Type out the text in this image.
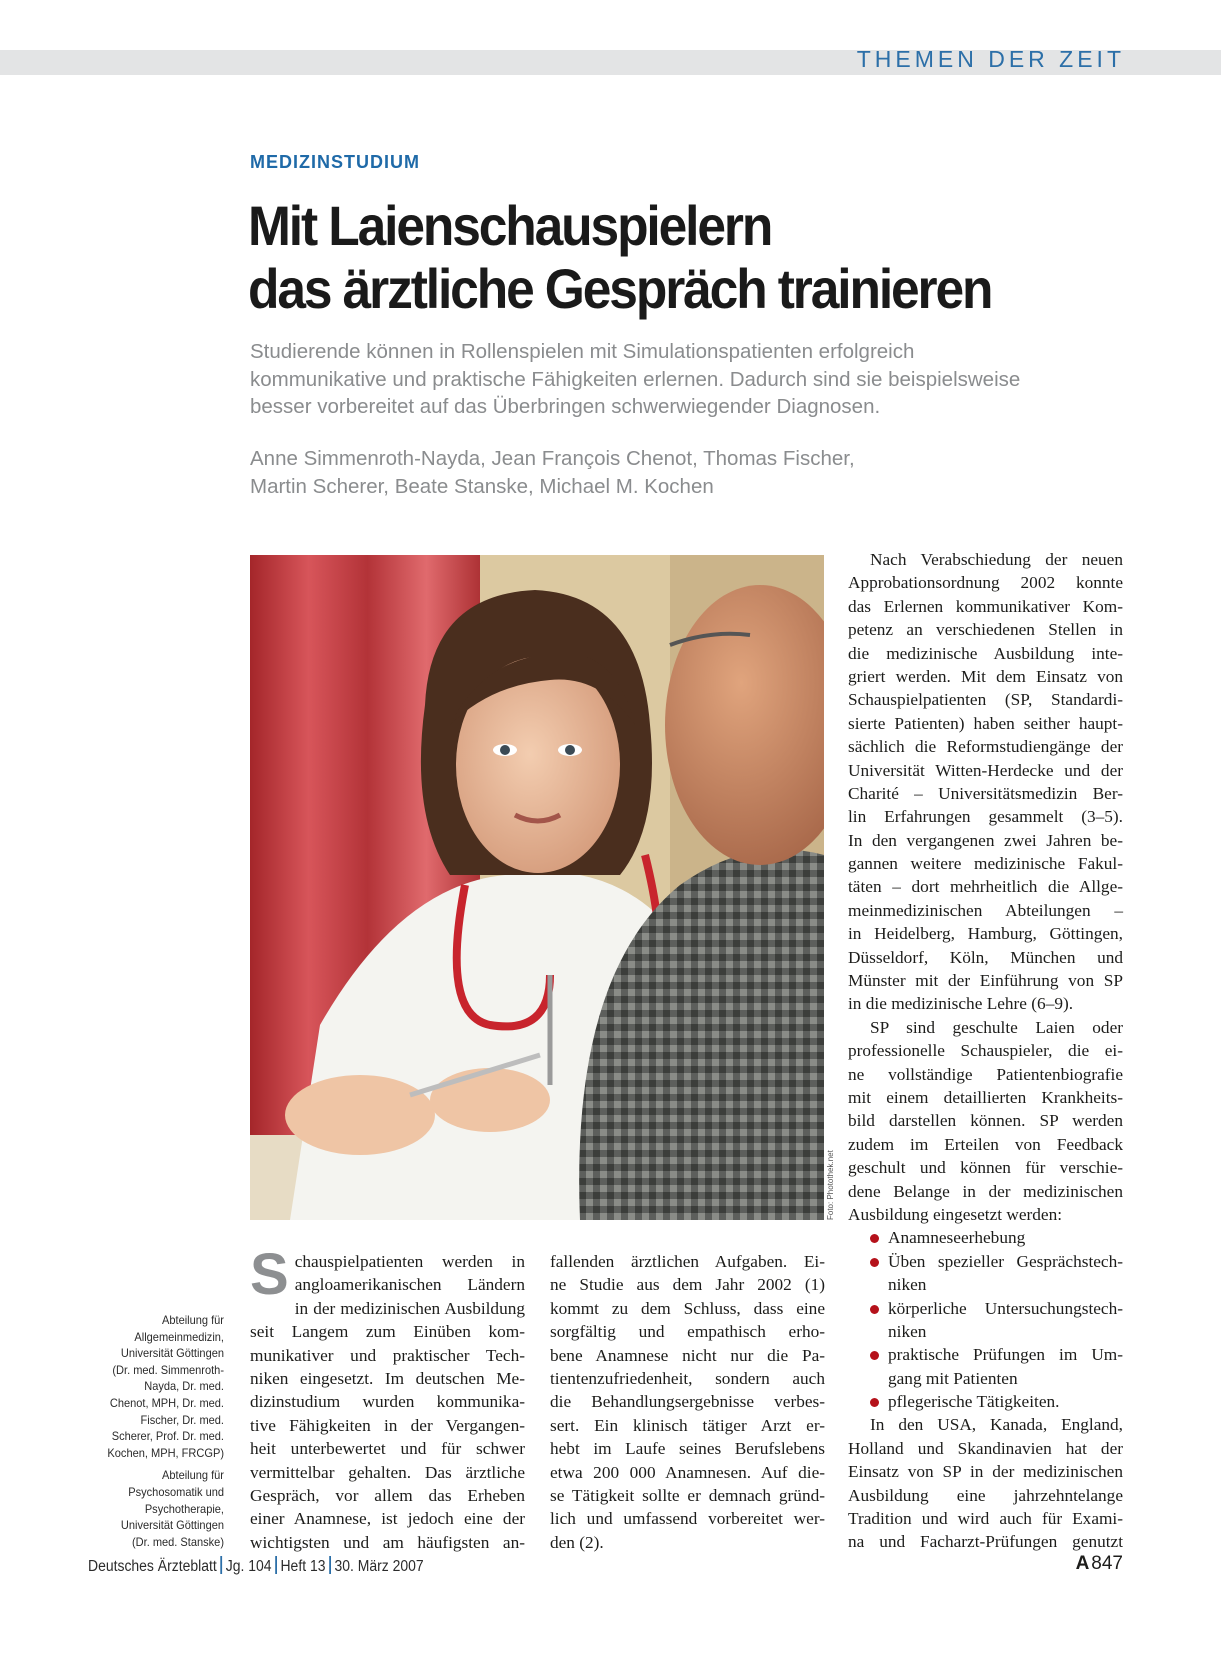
THEMEN DER ZEIT
MEDIZINSTUDIUM
Mit Laienschauspielern
das ärztliche Gespräch trainieren
Studierende können in Rollenspielen mit Simulationspatienten erfolgreich
kommunikative und praktische Fähigkeiten erlernen. Dadurch sind sie beispielsweise
besser vorbereitet auf das Überbringen schwerwiegender Diagnosen.
Anne Simmenroth-Nayda, Jean François Chenot, Thomas Fischer,
Martin Scherer, Beate Stanske, Michael M. Kochen
Foto: Photothek.net
S chauspielpatienten werden in
angloamerikanischen Ländern
in der medizinischen Ausbildung
seit Langem zum Einüben kom-
munikativer und praktischer Tech-
niken eingesetzt. Im deutschen Me-
dizinstudium wurden kommunika-
tive Fähigkeiten in der Vergangen-
heit unterbewertet und für schwer
vermittelbar gehalten. Das ärztliche
Gespräch, vor allem das Erheben
einer Anamnese, ist jedoch eine der
wichtigsten und am häufigsten an-
fallenden ärztlichen Aufgaben. Ei-
ne Studie aus dem Jahr 2002 (1)
kommt zu dem Schluss, dass eine
sorgfältig und empathisch erho-
bene Anamnese nicht nur die Pa-
tientenzufriedenheit, sondern auch
die Behandlungsergebnisse verbes-
sert. Ein klinisch tätiger Arzt er-
hebt im Laufe seines Berufslebens
etwa 200 000 Anamnesen. Auf die-
se Tätigkeit sollte er demnach gründ-
lich und umfassend vorbereitet wer-
den (2).
Nach Verabschiedung der neuen
Approbationsordnung 2002 konnte
das Erlernen kommunikativer Kom-
petenz an verschiedenen Stellen in
die medizinische Ausbildung inte-
griert werden. Mit dem Einsatz von
Schauspielpatienten (SP, Standardi-
sierte Patienten) haben seither haupt-
sächlich die Reformstudiengänge der
Universität Witten-Herdecke und der
Charité – Universitätsmedizin Ber-
lin Erfahrungen gesammelt (3–5).
In den vergangenen zwei Jahren be-
gannen weitere medizinische Fakul-
täten – dort mehrheitlich die Allge-
meinmedizinischen Abteilungen –
in Heidelberg, Hamburg, Göttingen,
Düsseldorf, Köln, München und
Münster mit der Einführung von SP
in die medizinische Lehre (6–9).
SP sind geschulte Laien oder
professionelle Schauspieler, die ei-
ne vollständige Patientenbiografie
mit einem detaillierten Krankheits-
bild darstellen können. SP werden
zudem im Erteilen von Feedback
geschult und können für verschie-
dene Belange in der medizinischen
Ausbildung eingesetzt werden:
Anamneseerhebung
Üben spezieller Gesprächstech-
niken
körperliche Untersuchungstech-
niken
praktische Prüfungen im Um-
gang mit Patienten
pflegerische Tätigkeiten.
In den USA, Kanada, England,
Holland und Skandinavien hat der
Einsatz von SP in der medizinischen
Ausbildung eine jahrzehntelange
Tradition und wird auch für Exami-
na und Facharzt-Prüfungen genutzt

Abteilung für
Allgemeinmedizin,
Universität Göttingen
(Dr. med. Simmenroth-
Nayda, Dr. med.
Chenot, MPH, Dr. med.
Fischer, Dr. med.
Scherer, Prof. Dr. med.
Kochen, MPH, FRCGP)

Abteilung für
Psychosomatik und
Psychotherapie,
Universität Göttingen
(Dr. med. Stanske)

Deutsches Ärzteblatt Jg. 104 Heft 13 30. März 2007	A 847
